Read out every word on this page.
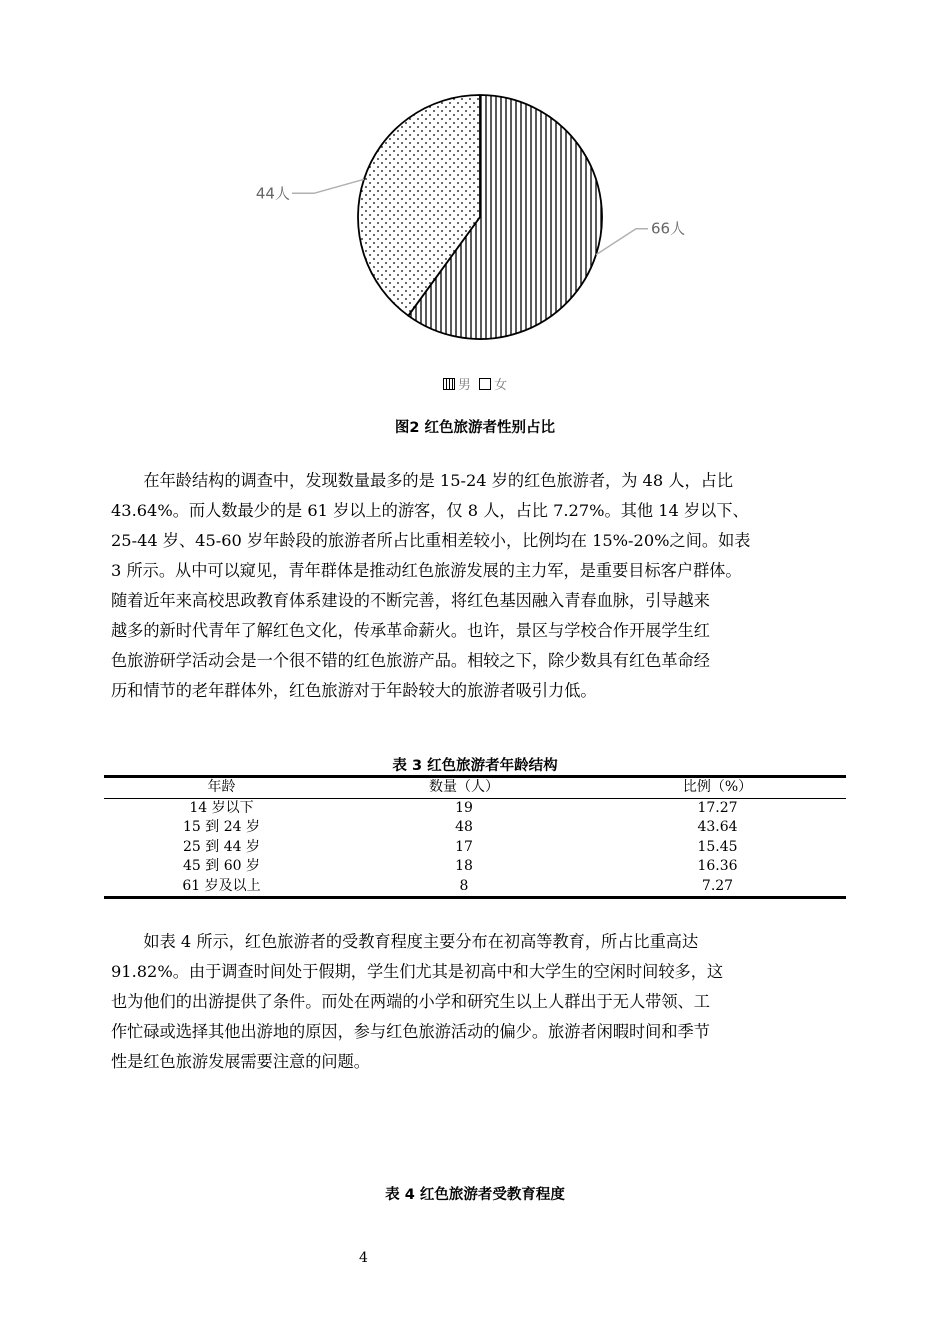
66人
44人
男
女
图2 红色旅游者性别占比
在年龄结构的调查中，发现数量最多的是 15-24 岁的红色旅游者，为 48 人，占比
43.64%。而人数最少的是 61 岁以上的游客，仅 8 人，占比 7.27%。其他 14 岁以下、
25-44 岁、45-60 岁年龄段的旅游者所占比重相差较小，比例均在 15%-20%之间。如表
3 所示。从中可以窥见，青年群体是推动红色旅游发展的主力军，是重要目标客户群体。
随着近年来高校思政教育体系建设的不断完善，将红色基因融入青春血脉，引导越来
越多的新时代青年了解红色文化，传承革命薪火。也许，景区与学校合作开展学生红
色旅游研学活动会是一个很不错的红色旅游产品。相较之下，除少数具有红色革命经
历和情节的老年群体外，红色旅游对于年龄较大的旅游者吸引力低。
表 3 红色旅游者年龄结构
年龄	数量（人）	比例（%）
14 岁以下	19	17.27
15 到 24 岁	48	43.64
25 到 44 岁	17	15.45
45 到 60 岁	18	16.36
61 岁及以上	8	7.27
如表 4 所示，红色旅游者的受教育程度主要分布在初高等教育，所占比重高达
91.82%。由于调查时间处于假期，学生们尤其是初高中和大学生的空闲时间较多，这
也为他们的出游提供了条件。而处在两端的小学和研究生以上人群出于无人带领、工
作忙碌或选择其他出游地的原因，参与红色旅游活动的偏少。旅游者闲暇时间和季节
性是红色旅游发展需要注意的问题。
表 4 红色旅游者受教育程度
4
